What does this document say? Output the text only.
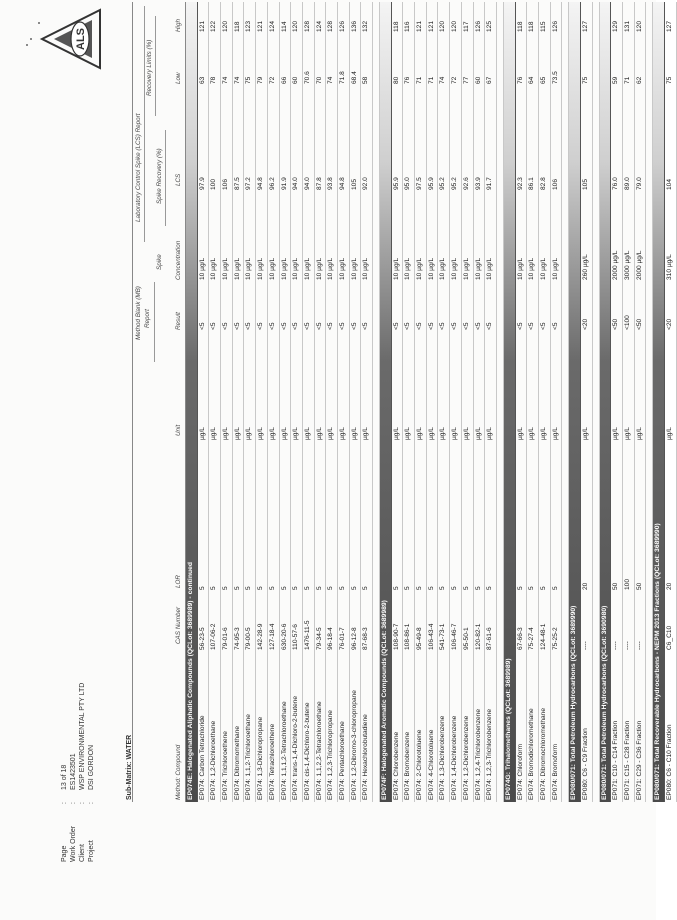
Page:13 of 18
Work Order:ES1423501
Client:WSP ENVIRONMENTAL PTY LTD
Project:DSI GORDON
ALS
Sub-Matrix: WATER
Method Blank (MB) Report
Laboratory Control Spike (LCS) Report
Spike
Spike Recovery (%)
Recovery Limits (%)
Method: Compound
CAS Number
LOR
Unit
Result
Concentration
LCS
Low
High
EP074E: Halogenated Aliphatic Compounds (QCLot: 3689989) - continued EP074: Carbon Tetrachloride
56-23-5
5
µg/L
<5
10 µg/L
97.9
63
121
EP074: 1,2-Dichloroethane
107-06-2
5
µg/L
<5
10 µg/L
100
78
122
EP074: Trichloroethene
79-01-6
5
µg/L
<5
10 µg/L
106
74
120
EP074: Dibromomethane
74-95-3
5
µg/L
<5
10 µg/L
87.5
74
118
EP074: 1,1,2-Trichloroethane
79-00-5
5
µg/L
<5
10 µg/L
97.2
75
123
EP074: 1,3-Dichloropropane
142-28-9
5
µg/L
<5
10 µg/L
94.8
79
121
EP074: Tetrachloroethene
127-18-4
5
µg/L
<5
10 µg/L
96.2
72
124
EP074: 1,1,1,2-Tetrachloroethane
630-20-6
5
µg/L
<5
10 µg/L
91.9
66
114
EP074: trans-1,4-Dichloro-2-butene
110-57-6
5
µg/L
<5
10 µg/L
94.0
60
120
EP074: cis-1,4-Dichloro-2-butene
1476-11-5
5
µg/L
<5
10 µg/L
94.0
70.6
128
EP074: 1,1,2,2-Tetrachloroethane
79-34-5
5
µg/L
<5
10 µg/L
87.8
70
124
EP074: 1,2,3-Trichloropropane
96-18-4
5
µg/L
<5
10 µg/L
93.8
74
128
EP074: Pentachloroethane
76-01-7
5
µg/L
<5
10 µg/L
94.8
71.8
126
EP074: 1,2-Dibromo-3-chloropropane
96-12-8
5
µg/L
<5
10 µg/L
105
68.4
136
EP074: Hexachlorobutadiene
87-68-3
5
µg/L
<5
10 µg/L
92.0
58
132
EP074F: Halogenated Aromatic Compounds (QCLot: 3689989) EP074: Chlorobenzene
108-90-7
5
µg/L
<5
10 µg/L
95.9
80
118
EP074: Bromobenzene
108-86-1
5
µg/L
<5
10 µg/L
95.0
76
116
EP074: 2-Chlorotoluene
95-49-8
5
µg/L
<5
10 µg/L
97.5
71
121
EP074: 4-Chlorotoluene
106-43-4
5
µg/L
<5
10 µg/L
95.9
71
121
EP074: 1,3-Dichlorobenzene
541-73-1
5
µg/L
<5
10 µg/L
95.2
74
120
EP074: 1,4-Dichlorobenzene
106-46-7
5
µg/L
<5
10 µg/L
95.2
72
120
EP074: 1,2-Dichlorobenzene
95-50-1
5
µg/L
<5
10 µg/L
92.6
77
117
EP074: 1,2,4-Trichlorobenzene
120-82-1
5
µg/L
<5
10 µg/L
93.9
60
126
EP074: 1,2,3-Trichlorobenzene
87-61-6
5
µg/L
<5
10 µg/L
91.7
67
125
EP074G: Trihalomethanes (QCLot: 3689989) EP074: Chloroform
67-66-3
5
µg/L
<5
10 µg/L
92.3
76
118
EP074: Bromodichloromethane
75-27-4
5
µg/L
<5
10 µg/L
86.1
64
118
EP074: Dibromochloromethane
124-48-1
5
µg/L
<5
10 µg/L
82.8
65
115
EP074: Bromoform
75-25-2
5
µg/L
<5
10 µg/L
106
73.5
126
EP080/071: Total Petroleum Hydrocarbons (QCLot: 3689990) EP080: C6 - C9 Fraction
----
20
µg/L
<20
260 µg/L
105
75
127
EP080/071: Total Petroleum Hydrocarbons (QCLot: 3690980) EP071: C10 - C14 Fraction
----
50
µg/L
<50
2000 µg/L
76.0
59
129
EP071: C15 - C28 Fraction
----
100
µg/L
<100
3000 µg/L
89.0
71
131
EP071: C29 - C36 Fraction
----
50
µg/L
<50
2000 µg/L
79.0
62
120
EP080/071: Total Recoverable Hydrocarbons - NEPM 2013 Fractions (QCLot: 3689990) EP080: C6 - C10 Fraction
C6_C10
20
µg/L
<20
310 µg/L
104
75
127
